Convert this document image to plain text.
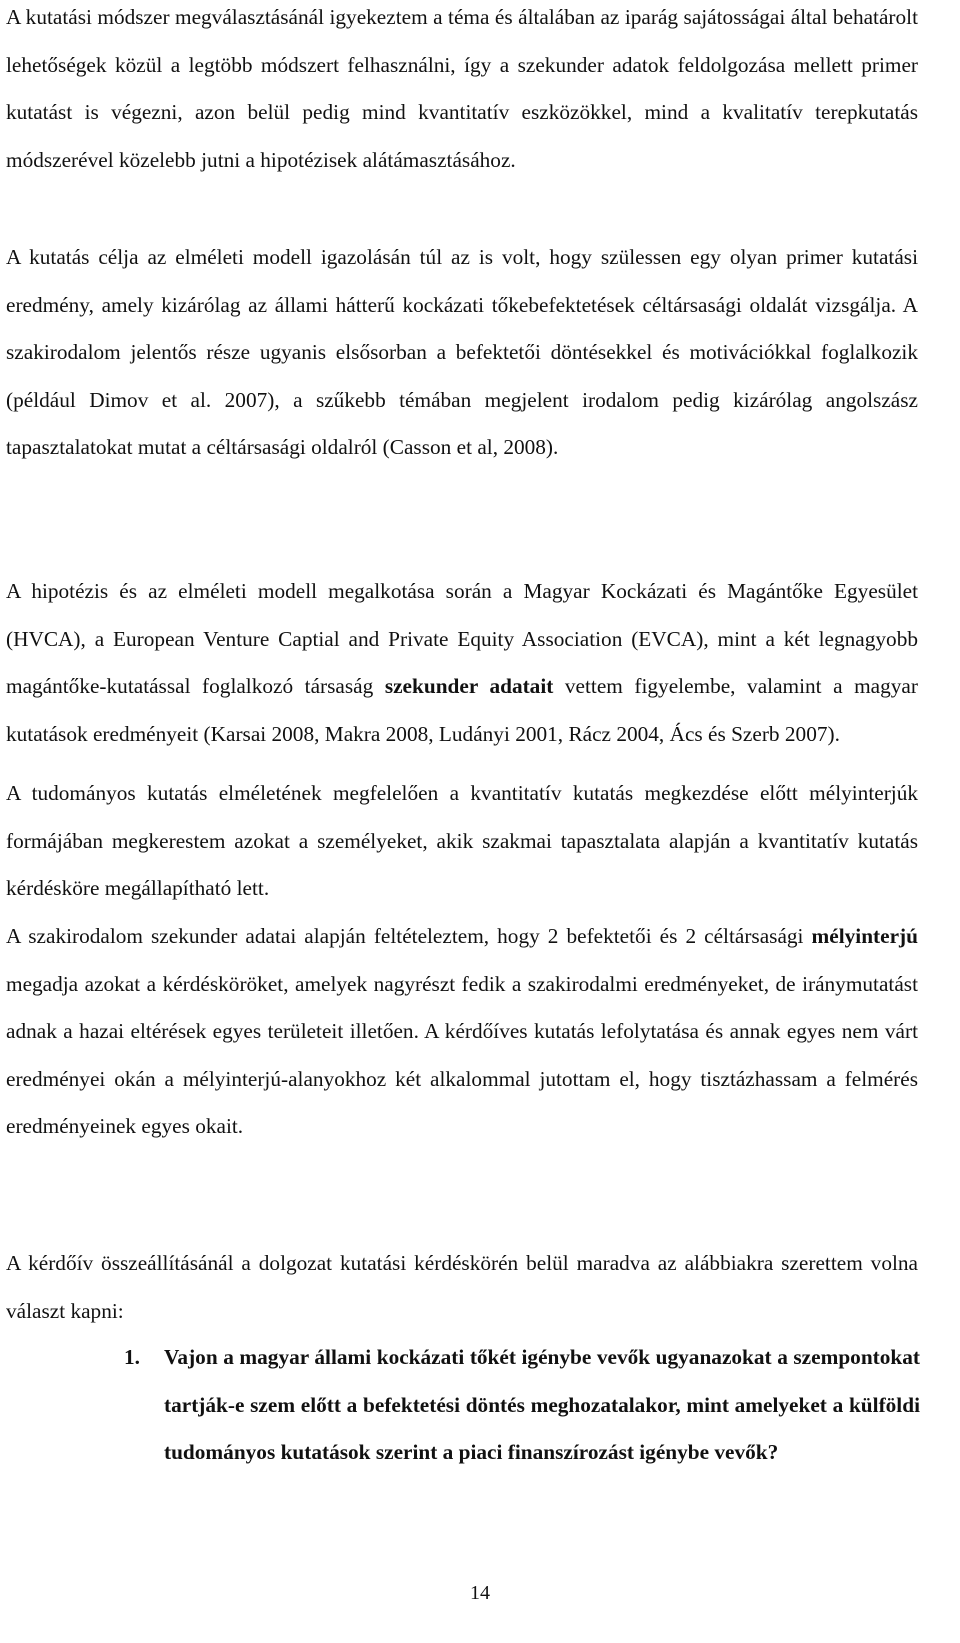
A kutatási módszer megválasztásánál igyekeztem a téma és általában az iparág sajátosságai által behatárolt lehetőségek közül a legtöbb módszert felhasználni, így a szekunder adatok feldolgozása mellett primer kutatást is végezni, azon belül pedig mind kvantitatív eszközökkel, mind a kvalitatív terepkutatás módszerével közelebb jutni a hipotézisek alátámasztásához.

A kutatás célja az elméleti modell igazolásán túl az is volt, hogy szülessen egy olyan primer kutatási eredmény, amely kizárólag az állami hátterű kockázati tőkebefektetések céltársasági oldalát vizsgálja. A szakirodalom jelentős része ugyanis elsősorban a befektetői döntésekkel és motivációkkal foglalkozik (például Dimov et al. 2007), a szűkebb témában megjelent irodalom pedig kizárólag angolszász tapasztalatokat mutat a céltársasági oldalról (Casson et al, 2008).

A hipotézis és az elméleti modell megalkotása során a Magyar Kockázati és Magántőke Egyesület (HVCA), a European Venture Captial and Private Equity Association (EVCA), mint a két legnagyobb magántőke-kutatással foglalkozó társaság szekunder adatait vettem figyelembe, valamint a magyar kutatások eredményeit (Karsai 2008, Makra 2008, Ludányi 2001, Rácz 2004, Ács és Szerb 2007).

A tudományos kutatás elméletének megfelelően a kvantitatív kutatás megkezdése előtt mélyinterjúk formájában megkerestem azokat a személyeket, akik szakmai tapasztalata alapján a kvantitatív kutatás kérdésköre megállapítható lett.

A szakirodalom szekunder adatai alapján feltételeztem, hogy 2 befektetői és 2 céltársasági mélyinterjú megadja azokat a kérdésköröket, amelyek nagyrészt fedik a szakirodalmi eredményeket, de iránymutatást adnak a hazai eltérések egyes területeit illetően. A kérdőíves kutatás lefolytatása és annak egyes nem várt eredményei okán a mélyinterjú-alanyokhoz két alkalommal jutottam el, hogy tisztázhassam a felmérés eredményeinek egyes okait.

A kérdőív összeállításánál a dolgozat kutatási kérdéskörén belül maradva az alábbiakra szerettem volna választ kapni:

1. Vajon a magyar állami kockázati tőkét igénybe vevők ugyanazokat a szempontokat tartják-e szem előtt a befektetési döntés meghozatalakor, mint amelyeket a külföldi tudományos kutatások szerint a piaci finanszírozást igénybe vevők?

14
